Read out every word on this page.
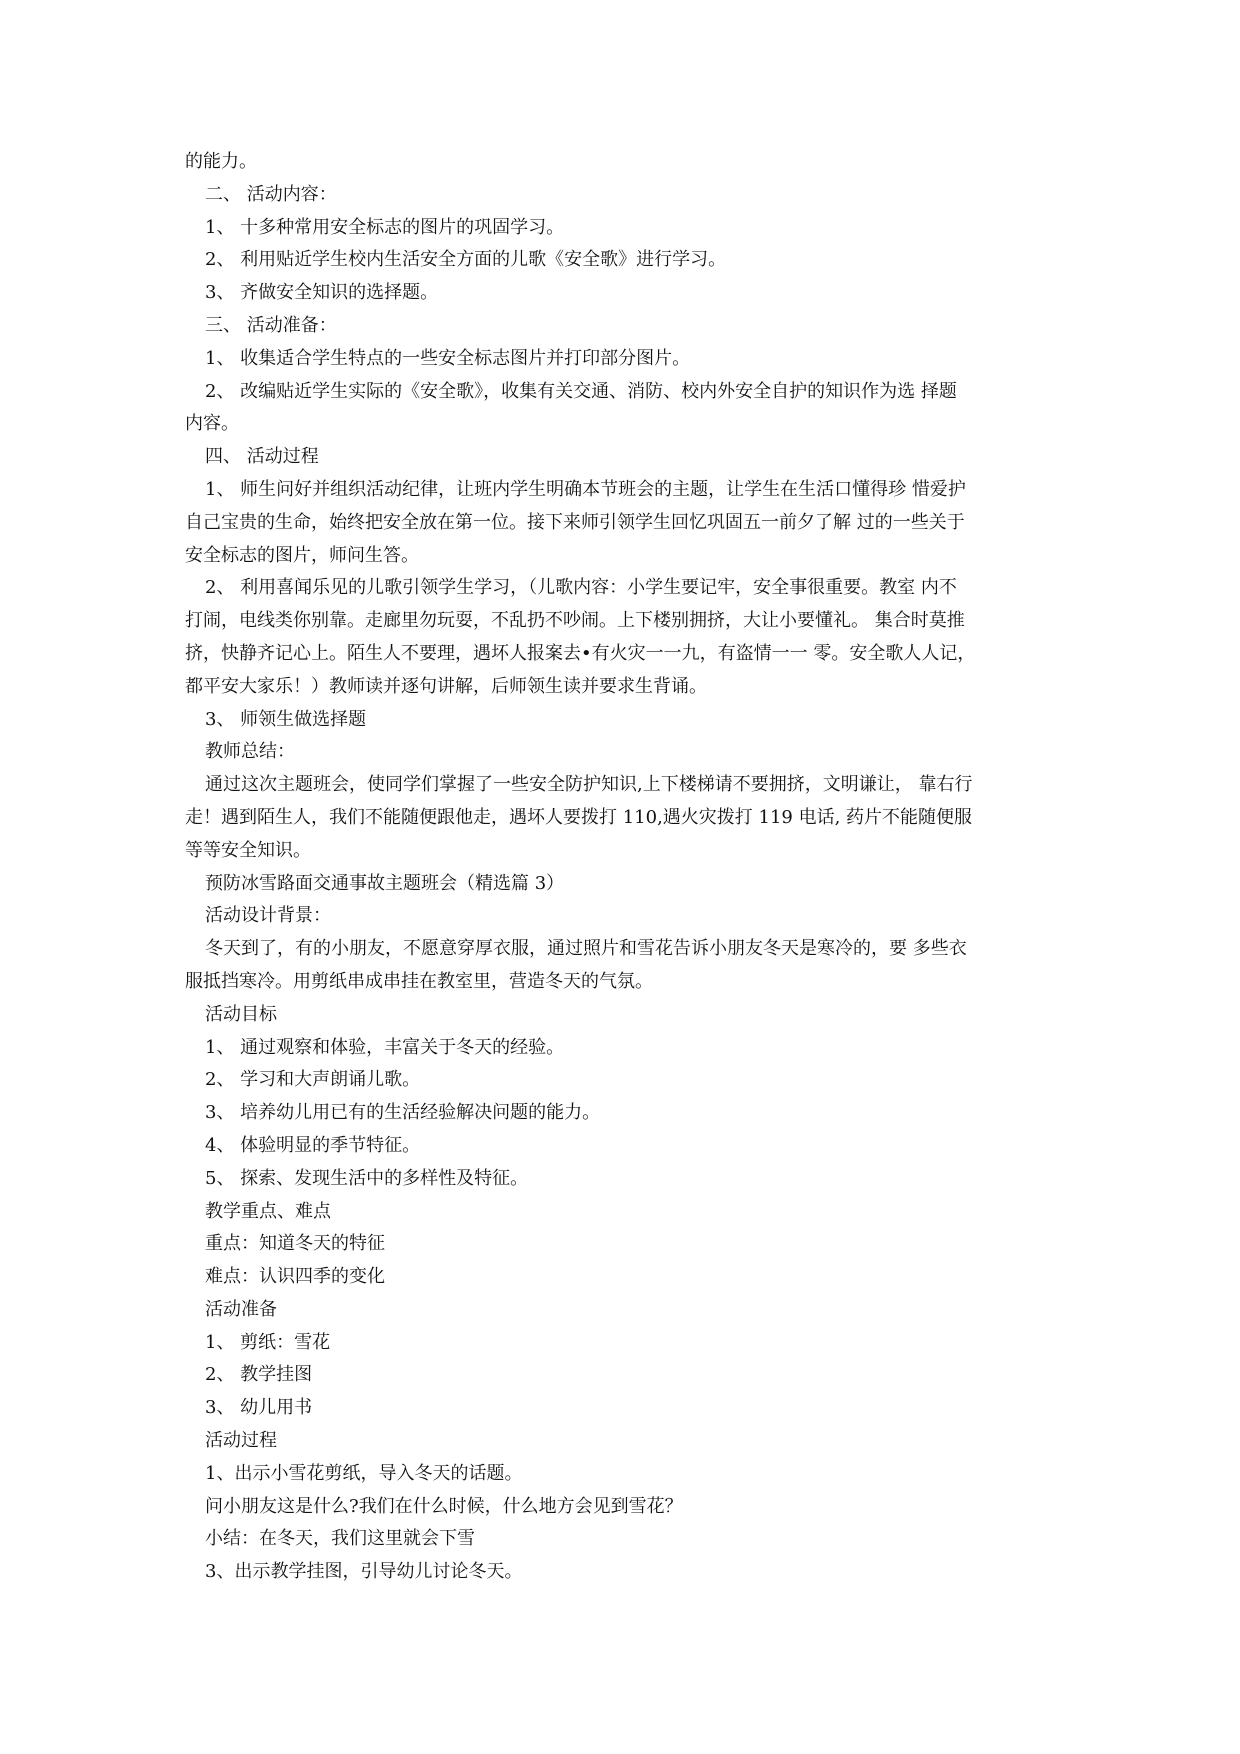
的能力。
二、 活动内容：
1、 十多种常用安全标志的图片的巩固学习。
2、 利用贴近学生校内生活安全方面的儿歌《安全歌》进行学习。
3、 齐做安全知识的选择题。
三、 活动准备：
1、 收集适合学生特点的一些安全标志图片并打印部分图片。
2、 改编贴近学生实际的《安全歌》，收集有关交通、消防、校内外安全自护的知识作为选 择题
内容。
四、 活动过程
1、 师生问好并组织活动纪律，让班内学生明确本节班会的主题，让学生在生活口懂得珍 惜爱护
自己宝贵的生命，始终把安全放在第一位。接下来师引领学生回忆巩固五一前夕了解 过的一些关于
安全标志的图片，师问生答。
2、 利用喜闻乐见的儿歌引领学生学习，（儿歌内容：小学生要记牢，安全事很重要。教室 内不
打闹，电线类你别靠。走廊里勿玩耍，不乱扔不吵闹。上下楼别拥挤，大让小要懂礼。 集合时莫推
挤，快静齐记心上。陌生人不要理，遇坏人报案去•有火灾一一九，有盗情一一 零。安全歌人人记，
都平安大家乐！）教师读并逐句讲解，后师领生读并要求生背诵。
3、 师领生做选择题
教师总结：
通过这次主题班会，使同学们掌握了一些安全防护知识,上下楼梯请不要拥挤，文明谦让， 靠右行
走！遇到陌生人，我们不能随便跟他走，遇坏人要拨打 110,遇火灾拨打 119 电话, 药片不能随便服
等等安全知识。
预防冰雪路面交通事故主题班会（精选篇 3）
活动设计背景：
冬天到了，有的小朋友，不愿意穿厚衣服，通过照片和雪花告诉小朋友冬天是寒冷的，要 多些衣
服抵挡寒冷。用剪纸串成串挂在教室里，营造冬天的气氛。
活动目标
1、 通过观察和体验，丰富关于冬天的经验。
2、 学习和大声朗诵儿歌。
3、 培养幼儿用已有的生活经验解决问题的能力。
4、 体验明显的季节特征。
5、 探索、发现生活中的多样性及特征。
教学重点、难点
重点：知道冬天的特征
难点：认识四季的变化
活动准备
1、 剪纸：雪花
2、 教学挂图
3、 幼儿用书
活动过程
1、出示小雪花剪纸，导入冬天的话题。
问小朋友这是什么?我们在什么时候，什么地方会见到雪花？
小结：在冬天，我们这里就会下雪
3、出示教学挂图，引导幼儿讨论冬天。
